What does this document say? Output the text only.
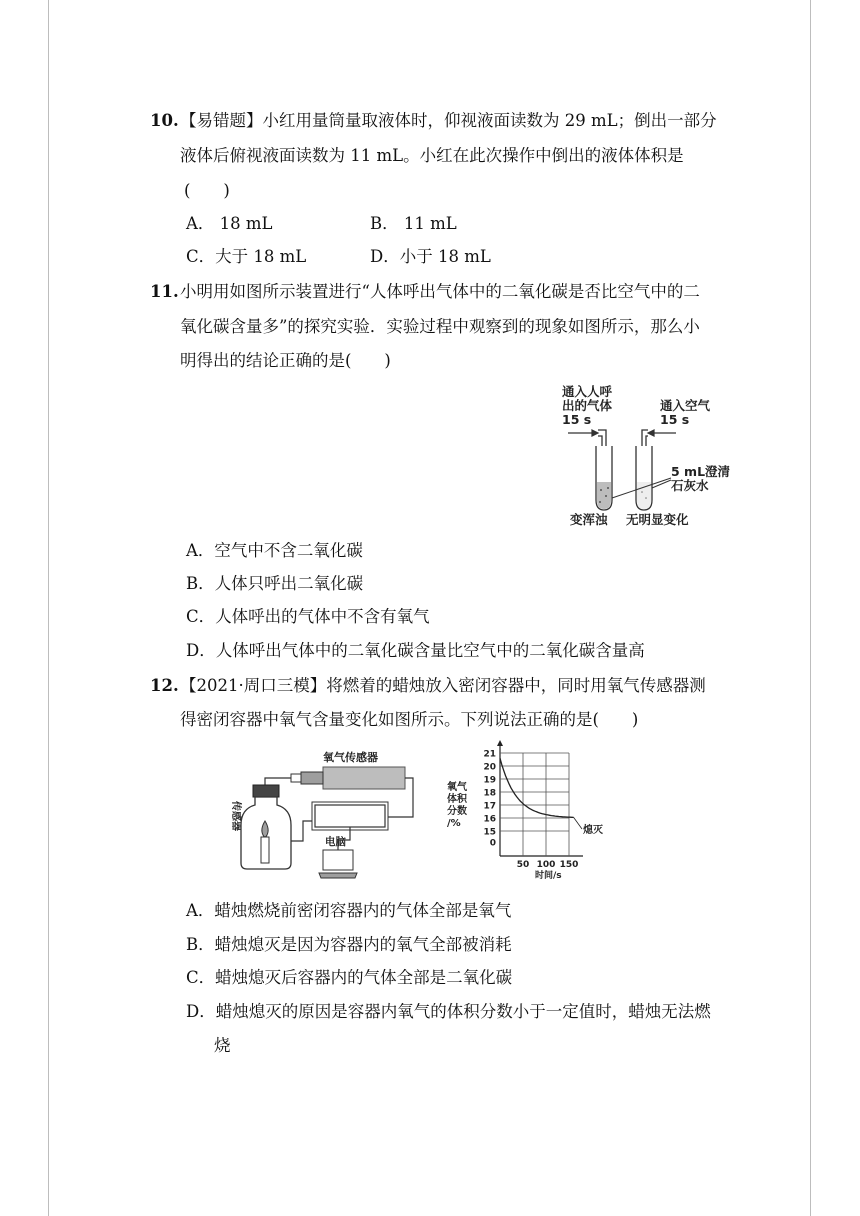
10. 【易错题】小红用量筒量取液体时，仰视液面读数为 29 mL；倒出一部分
液体后俯视液面读数为 11 mL。小红在此次操作中倒出的液体体积是
(　　)
A． 18 mL	B． 11 mL
C．大于 18 mL	D．小于 18 mL
11. 小明用如图所示装置进行“人体呼出气体中的二氧化碳是否比空气中的二
氧化碳含量多”的探究实验．实验过程中观察到的现象如图所示，那么小
明得出的结论正确的是(　　)
通入人呼
出的气体
15 s
通入空气
15 s
5 mL澄清
石灰水
变浑浊 无明显变化
A．空气中不含二氧化碳
B．人体只呼出二氧化碳
C．人体呼出的气体中不含有氧气
D．人体呼出气体中的二氧化碳含量比空气中的二氧化碳含量高
12. 【2021·周口三模】将燃着的蜡烛放入密闭容器中，同时用氧气传感器测
得密闭容器中氧气含量变化如图所示。下列说法正确的是(　　)
氧气传感器
传感器
电脑
氧气
体积
分数
/%
时间/s
熄灭
21
20
19
18
17
16
15
0
50 100 150
A．蜡烛燃烧前密闭容器内的气体全部是氧气
B．蜡烛熄灭是因为容器内的氧气全部被消耗
C．蜡烛熄灭后容器内的气体全部是二氧化碳
D．蜡烛熄灭的原因是容器内氧气的体积分数小于一定值时，蜡烛无法燃
烧
